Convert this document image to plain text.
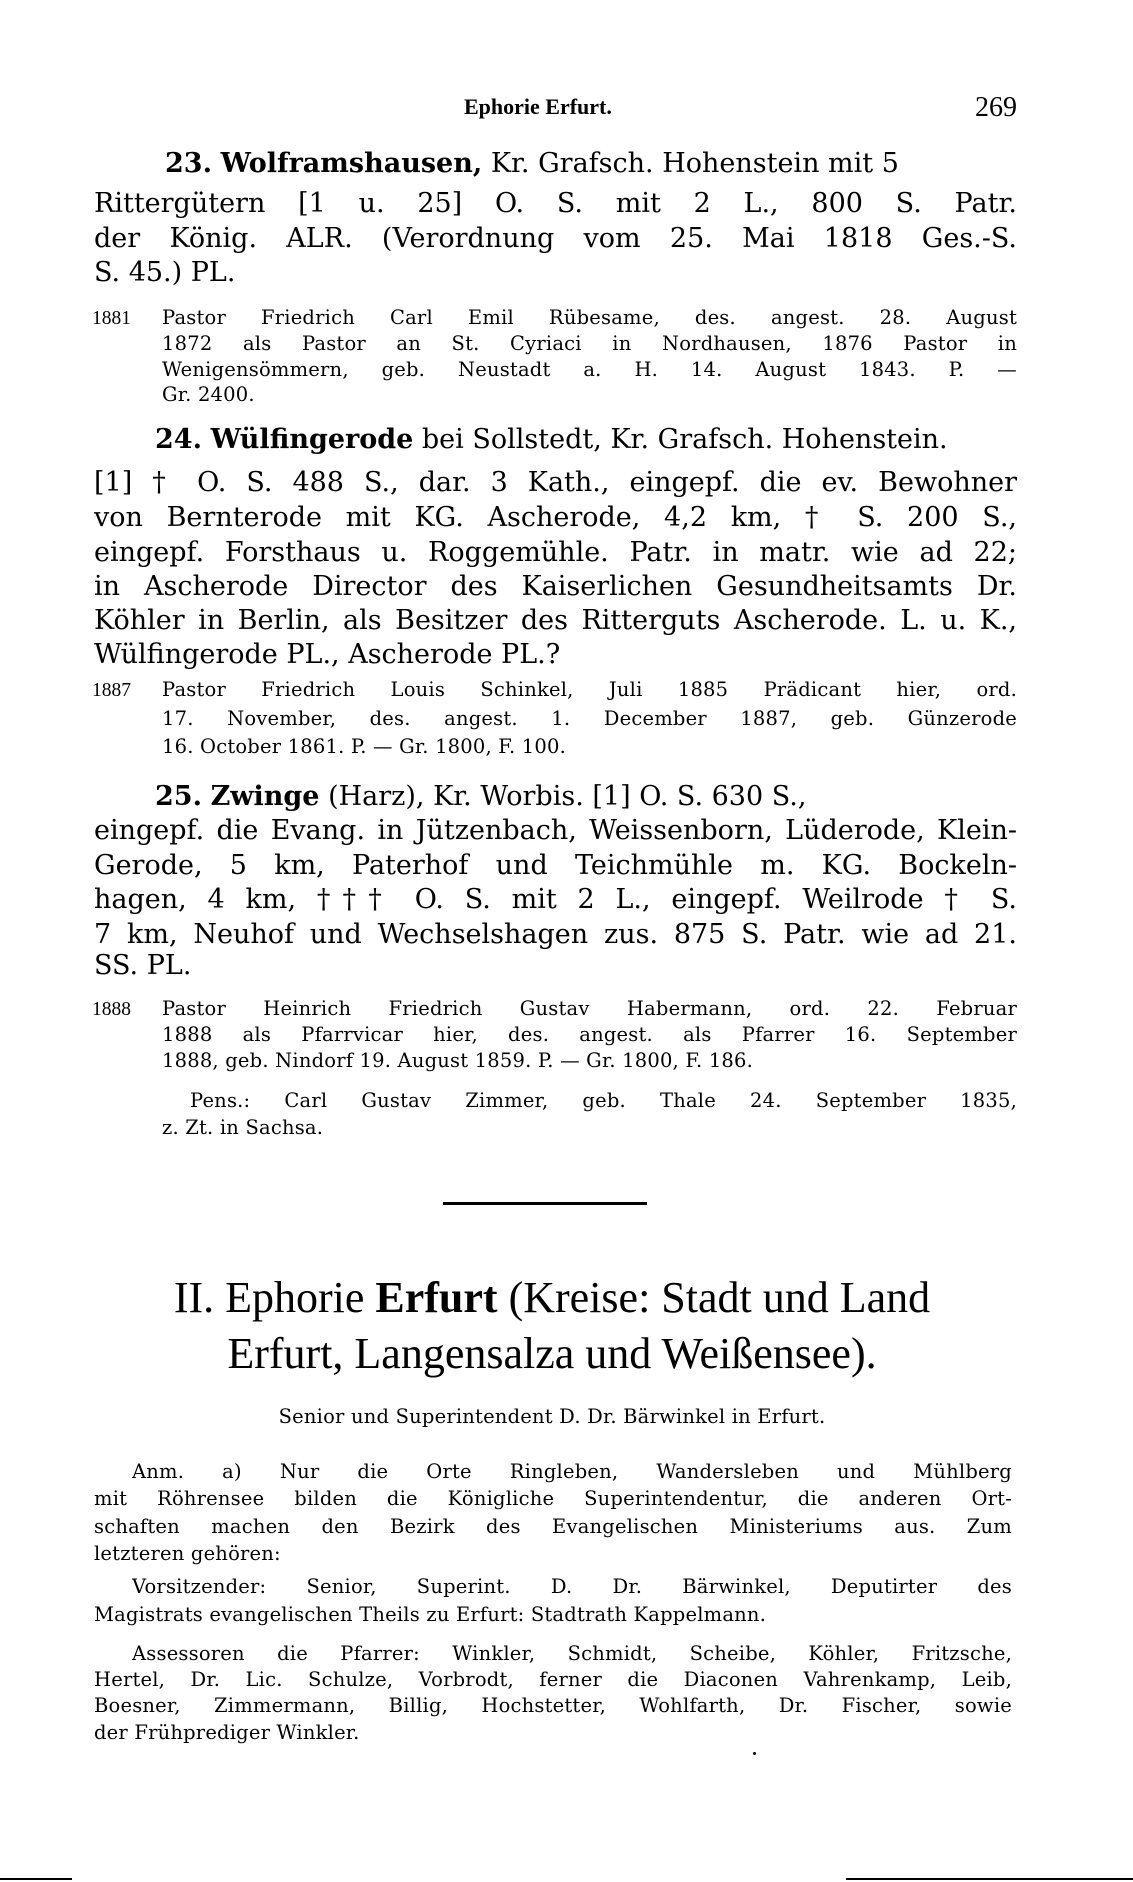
Ephorie Erfurt.	269
23. Wolframshausen, Kr. Grafsch. Hohenstein mit 5
Rittergütern [1 u. 25] O. S. mit 2 L., 800 S. Patr.
der König. ALR. (Verordnung vom 25. Mai 1818 Ges.-S.
S. 45.) PL.
1881 Pastor Friedrich Carl Emil Rübesame, des. angest. 28. August
1872 als Pastor an St. Cyriaci in Nordhausen, 1876 Pastor in
Wenigensömmern, geb. Neustadt a. H. 14. August 1843. P. —
Gr. 2400.
24. Wülfingerode bei Sollstedt, Kr. Grafsch. Hohenstein.
[1] † O. S. 488 S., dar. 3 Kath., eingepf. die ev. Bewohner
von Bernterode mit KG. Ascherode, 4,2 km, † S. 200 S.,
eingepf. Forsthaus u. Roggemühle. Patr. in matr. wie ad 22;
in Ascherode Director des Kaiserlichen Gesundheitsamts Dr.
Köhler in Berlin, als Besitzer des Ritterguts Ascherode. L. u. K.,
Wülfingerode PL., Ascherode PL.?
1887 Pastor Friedrich Louis Schinkel, Juli 1885 Prädicant hier, ord.
17. November, des. angest. 1. December 1887, geb. Günzerode
16. October 1861. P. — Gr. 1800, F. 100.
25. Zwinge (Harz), Kr. Worbis. [1] O. S. 630 S.,
eingepf. die Evang. in Jützenbach, Weissenborn, Lüderode, Klein-
Gerode, 5 km, Paterhof und Teichmühle m. KG. Bockeln-
hagen, 4 km, ††† O. S. mit 2 L., eingepf. Weilrode † S.
7 km, Neuhof und Wechselshagen zus. 875 S. Patr. wie ad 21.
SS. PL.
1888 Pastor Heinrich Friedrich Gustav Habermann, ord. 22. Februar
1888 als Pfarrvicar hier, des. angest. als Pfarrer 16. September
1888, geb. Nindorf 19. August 1859. P. — Gr. 1800, F. 186.
Pens.: Carl Gustav Zimmer, geb. Thale 24. September 1835,
z. Zt. in Sachsa.
II. Ephorie Erfurt (Kreise: Stadt und Land
Erfurt, Langensalza und Weißensee).
Senior und Superintendent D. Dr. Bärwinkel in Erfurt.
Anm. a) Nur die Orte Ringleben, Wandersleben und Mühlberg
mit Röhrensee bilden die Königliche Superintendentur, die anderen Ort-
schaften machen den Bezirk des Evangelischen Ministeriums aus. Zum
letzteren gehören:
Vorsitzender: Senior, Superint. D. Dr. Bärwinkel, Deputirter des
Magistrats evangelischen Theils zu Erfurt: Stadtrath Kappelmann.
Assessoren die Pfarrer: Winkler, Schmidt, Scheibe, Köhler, Fritzsche,
Hertel, Dr. Lic. Schulze, Vorbrodt, ferner die Diaconen Vahrenkamp, Leib,
Boesner, Zimmermann, Billig, Hochstetter, Wohlfarth, Dr. Fischer, sowie
der Frühprediger Winkler.
